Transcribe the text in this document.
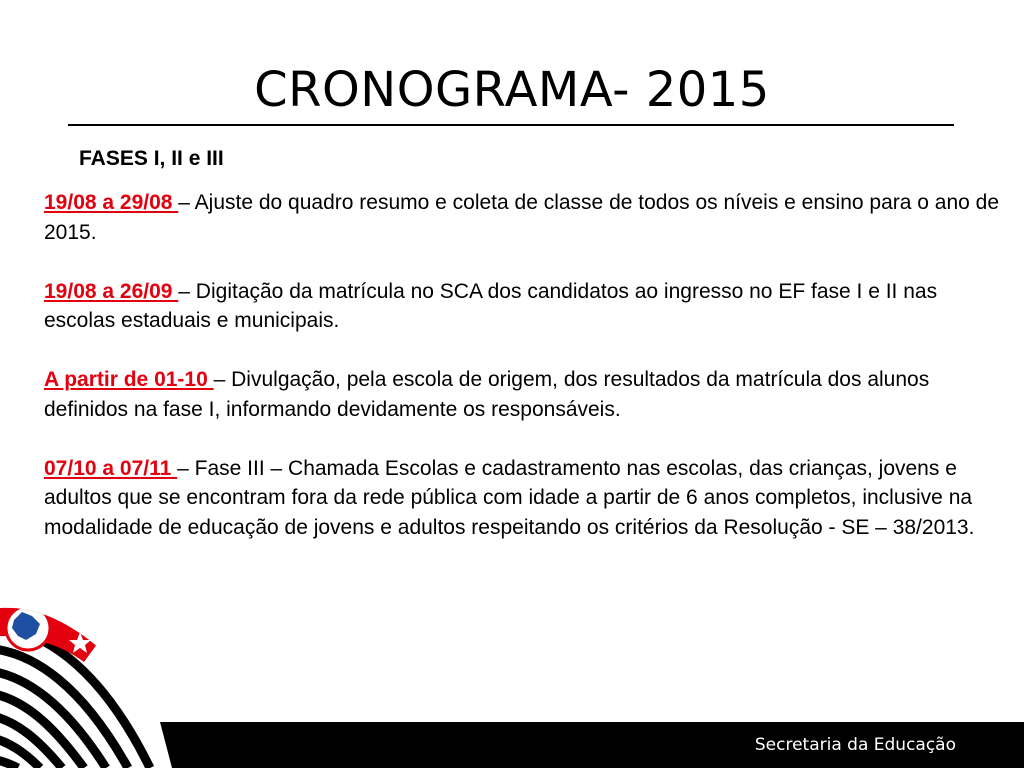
CRONOGRAMA- 2015
FASES I, II e III
19/08 a 29/08 – Ajuste do quadro resumo e coleta de classe de todos os níveis e ensino para o ano de 2015.
19/08 a 26/09 – Digitação da matrícula no SCA dos candidatos ao ingresso no EF fase I e II nas escolas estaduais e municipais.
A partir de 01-10 – Divulgação, pela escola de origem, dos resultados da matrícula dos alunos definidos na fase I, informando devidamente os responsáveis.
07/10 a 07/11 – Fase III – Chamada Escolas e cadastramento nas escolas, das crianças, jovens e adultos que se encontram fora da rede pública com idade a partir de 6 anos completos, inclusive na modalidade de educação de jovens e adultos respeitando os critérios da Resolução - SE – 38/2013.
Secretaria da Educação
